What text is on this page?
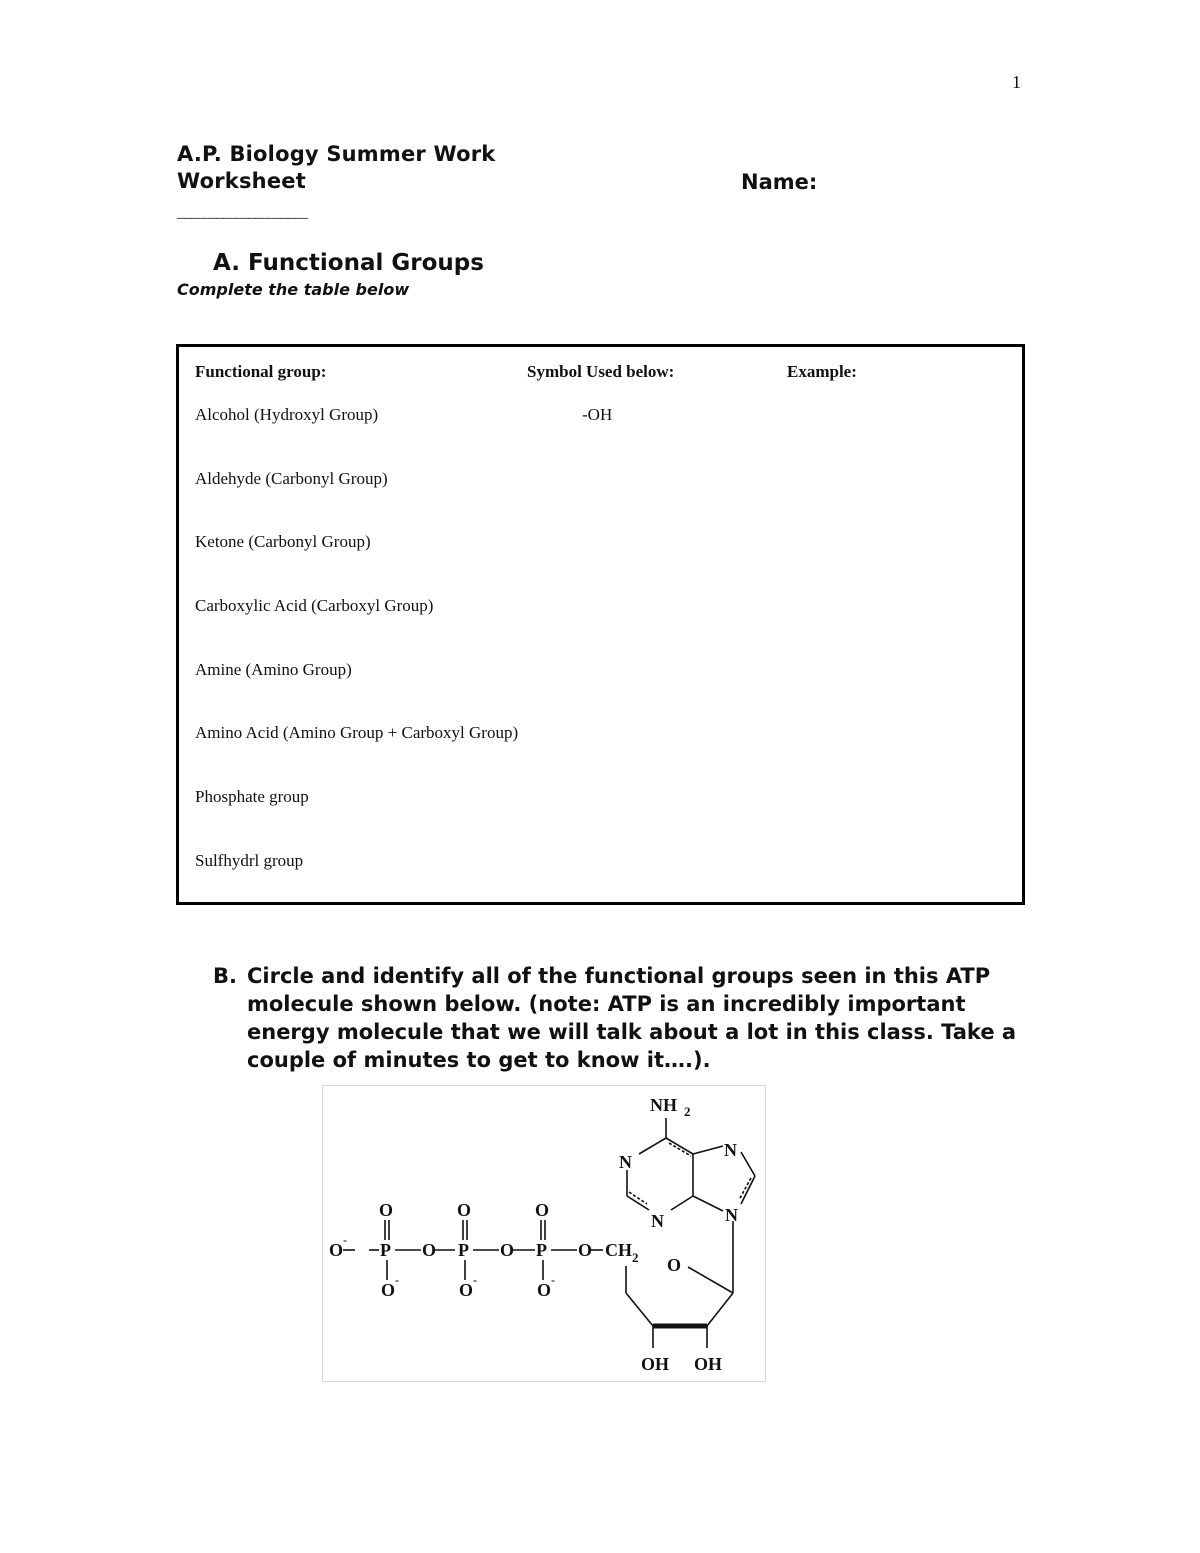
1
A.P. Biology Summer Work
Worksheet	Name:
____________________
A. Functional Groups
Complete the table below
Functional group:	Symbol Used below:	Example:
Alcohol (Hydroxyl Group)	-OH
Aldehyde (Carbonyl Group)
Ketone (Carbonyl Group)
Carboxylic Acid (Carboxyl Group)
Amine (Amino Group)
Amino Acid (Amino Group + Carboxyl Group)
Phosphate group
Sulfhydrl group
B. Circle and identify all of the functional groups seen in this ATP molecule shown below. (note: ATP is an incredibly important energy molecule that we will talk about a lot in this class. Take a couple of minutes to get to know it….).
O - P
O
O -
O P
O
O -
O P
O
O -
O CH 2 O
OH OH
NH 2
N
N
N
N
